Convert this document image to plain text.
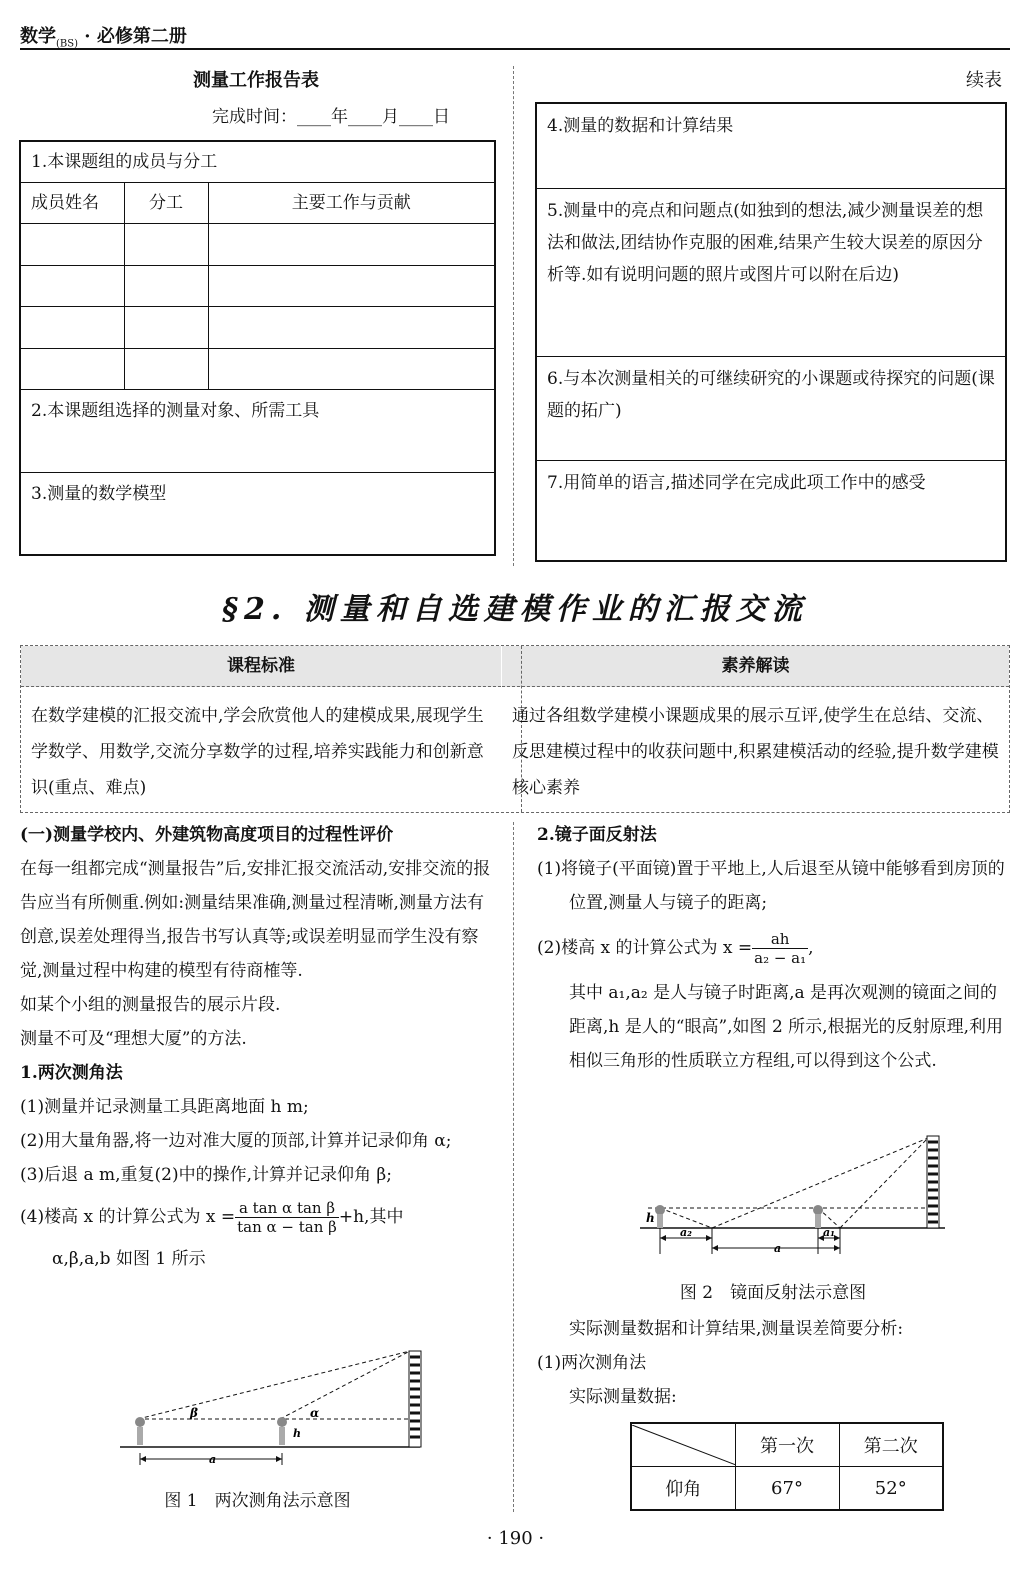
数学$_{(BS)}$ · 必修第二册
测量工作报告表
完成时间：____年____月____日
1.本课题组的成员与分工		
成员姓名	分工	主要工作与贡献

2.本课题组选择的测量对象、所需工具		
3.测量的数学模型		
续表
4.测量的数据和计算结果
5.测量中的亮点和问题点(如独到的想法,减少测量误差的想法和做法,团结协作克服的困难,结果产生较大误差的原因分析等.如有说明问题的照片或图片可以附在后边)
6.与本次测量相关的可继续研究的小课题或待探究的问题(课题的拓广)
7.用简单的语言,描述同学在完成此项工作中的感受
§2. 测量和自选建模作业的汇报交流
课程标准	素养解读
在数学建模的汇报交流中,学会欣赏他人的建模成果,展现学生学数学、用数学,交流分享数学的过程,培养实践能力和创新意识(重点、难点)
通过各组数学建模小课题成果的展示互评,使学生在总结、交流、反思建模过程中的收获问题中,积累建模活动的经验,提升数学建模核心素养

(一)测量学校内、外建筑物高度项目的过程性评价

在每一组都完成“测量报告”后,安排汇报交流活动,安排交流的报告应当有所侧重.例如:测量结果准确,测量过程清晰,测量方法有创意,误差处理得当,报告书写认真等;或误差明显而学生没有察觉,测量过程中构建的模型有待商榷等.

如某个小组的测量报告的展示片段.

测量不可及“理想大厦”的方法.

1.两次测角法

(1)测量并记录测量工具距离地面 h m;

(2)用大量角器,将一边对准大厦的顶部,计算并记录仰角 α;

(3)后退 a m,重复(2)中的操作,计算并记录仰角 β;

(4)楼高 x 的计算公式为 $x = \frac{\text{a tan α tan β}}{\text{tan α − tan β}} +h$,其中

α,β,a,b 如图 1 所示

β	α
h
a
图 1　两次测角法示意图

2.镜子面反射法

(1)将镜子(平面镜)置于平地上,人后退至从镜中能够看到房顶的位置,测量人与镜子的距离;

(2)楼高 x 的计算公式为 $x = \frac{ah}{\text{a₂ − a₁}}$ ,

其中 a₁,a₂ 是人与镜子时距离,a 是再次观测的镜面之间的距离,h 是人的“眼高”,如图 2 所示,根据光的反射原理,利用相似三角形的性质联立方程组,可以得到这个公式.

h
a₂	a₁
a
图 2　镜面反射法示意图

实际测量数据和计算结果,测量误差简要分析:

(1)两次测角法

实际测量数据:

	第一次	第二次
仰角	67°	52°
· 190 ·
